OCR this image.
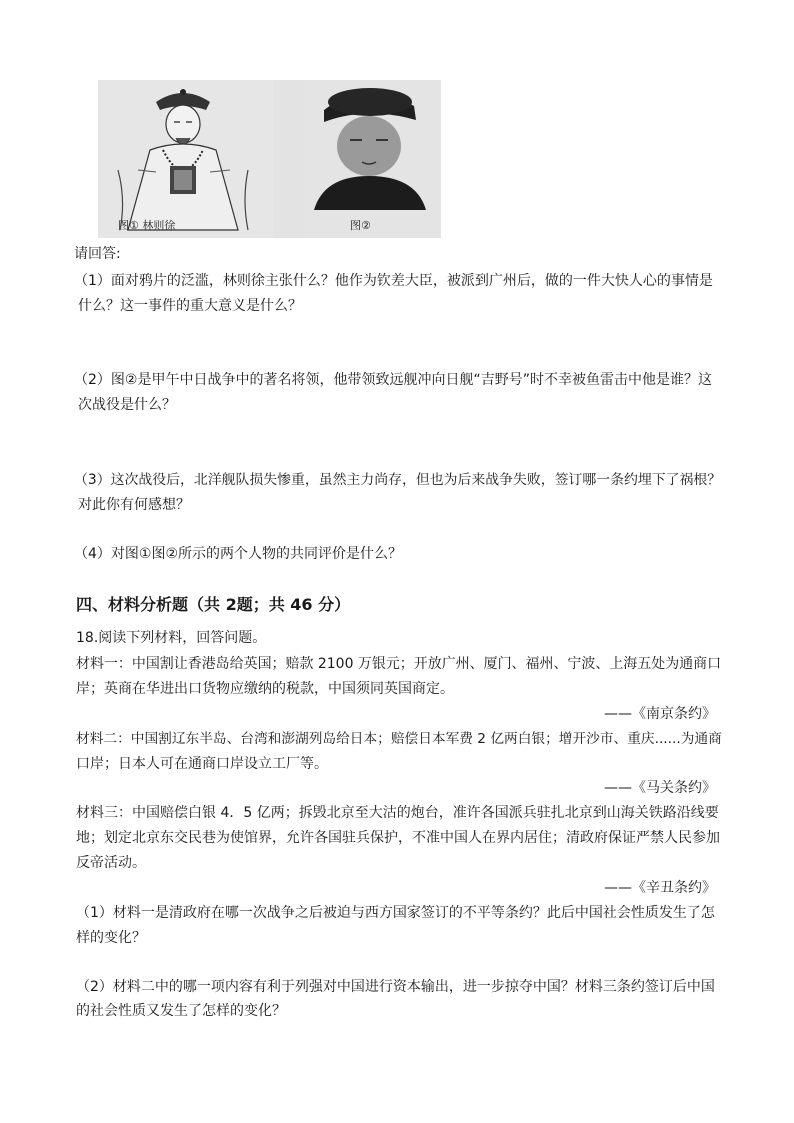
图① 林则徐	图②
请回答:
（1）面对鸦片的泛滥，林则徐主张什么？他作为钦差大臣，被派到广州后，做的一件大快人心的事情是
什么？这一事件的重大意义是什么？
（2）图②是甲午中日战争中的著名将领，他带领致远舰冲向日舰“吉野号”时不幸被鱼雷击中他是谁？这
次战役是什么？
（3）这次战役后，北洋舰队损失惨重，虽然主力尚存，但也为后来战争失败，签订哪一条约埋下了祸根？
对此你有何感想？
（4）对图①图②所示的两个人物的共同评价是什么？
四、材料分析题（共 2题；共 46 分）
18.阅读下列材料，回答问题。
材料一：中国割让香港岛给英国；赔款 2100 万银元；开放广州、厦门、福州、宁波、上海五处为通商口
岸；英商在华进出口货物应缴纳的税款，中国须同英国商定。
——《南京条约》
材料二：中国割辽东半岛、台湾和澎湖列岛给日本；赔偿日本军费 2 亿两白银；增开沙市、重庆......为通商
口岸；日本人可在通商口岸设立工厂等。
——《马关条约》
材料三：中国赔偿白银 4．5 亿两；拆毁北京至大沽的炮台，准许各国派兵驻扎北京到山海关铁路沿线要
地；划定北京东交民巷为使馆界，允许各国驻兵保护，不准中国人在界内居住；清政府保证严禁人民参加
反帝活动。
——《辛丑条约》
（1）材料一是清政府在哪一次战争之后被迫与西方国家签订的不平等条约？此后中国社会性质发生了怎
样的变化？
（2）材料二中的哪一项内容有利于列强对中国进行资本输出，进一步掠夺中国？材料三条约签订后中国
的社会性质又发生了怎样的变化？
